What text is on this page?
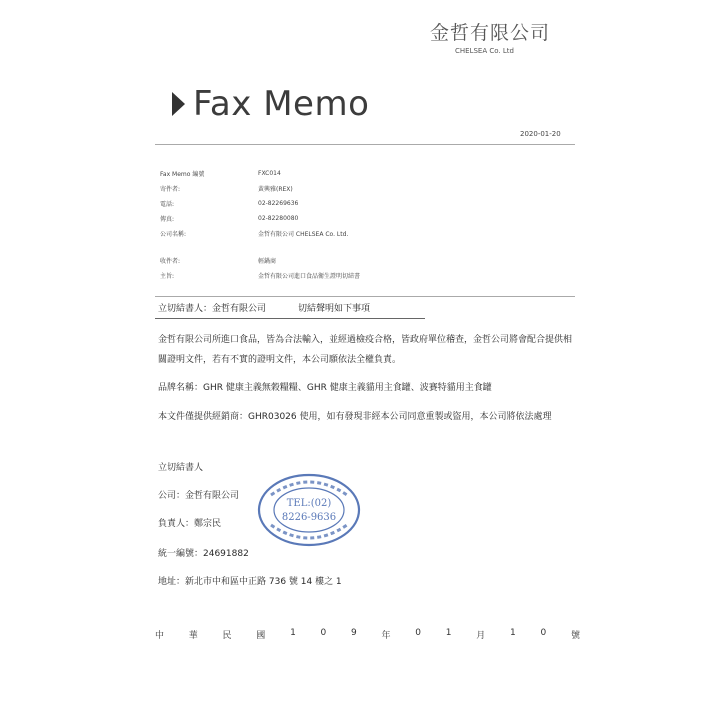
金哲有限公司
CHELSEA Co. Ltd
Fax Memo
2020-01-20
Fax Memo 編號	FXC014
寄件者:	黃興雅(REX)
電話:	02-82269636
傳真:	02-82280080
公司名稱:	金哲有限公司 CHELSEA Co. Ltd.
收件者:	輕鍋商
主旨:	金哲有限公司進口食品衛生證明切結書
立切結書人：金哲有限公司	切結聲明如下事項
金哲有限公司所進口食品，皆為合法輸入，並經過檢疫合格，皆政府單位稽查，金哲公司將會配合提供相關證明文件，若有不實的證明文件，本公司願依法全權負責。
品牌名稱：GHR 健康主義無穀糧糧、GHR 健康主義貓用主食罐、波賽特貓用主食罐
本文件僅提供經銷商：GHR03026 使用，如有發現非經本公司同意重製或盜用，本公司將依法處理
立切結書人
公司：金哲有限公司
負責人：鄭宗民
統一編號：24691882
地址：新北市中和區中正路 736 號 14 樓之 1
TEL:(02)
8226-9636
中	華	民	國	1	0	9	年	0	1	月	1	0	號
